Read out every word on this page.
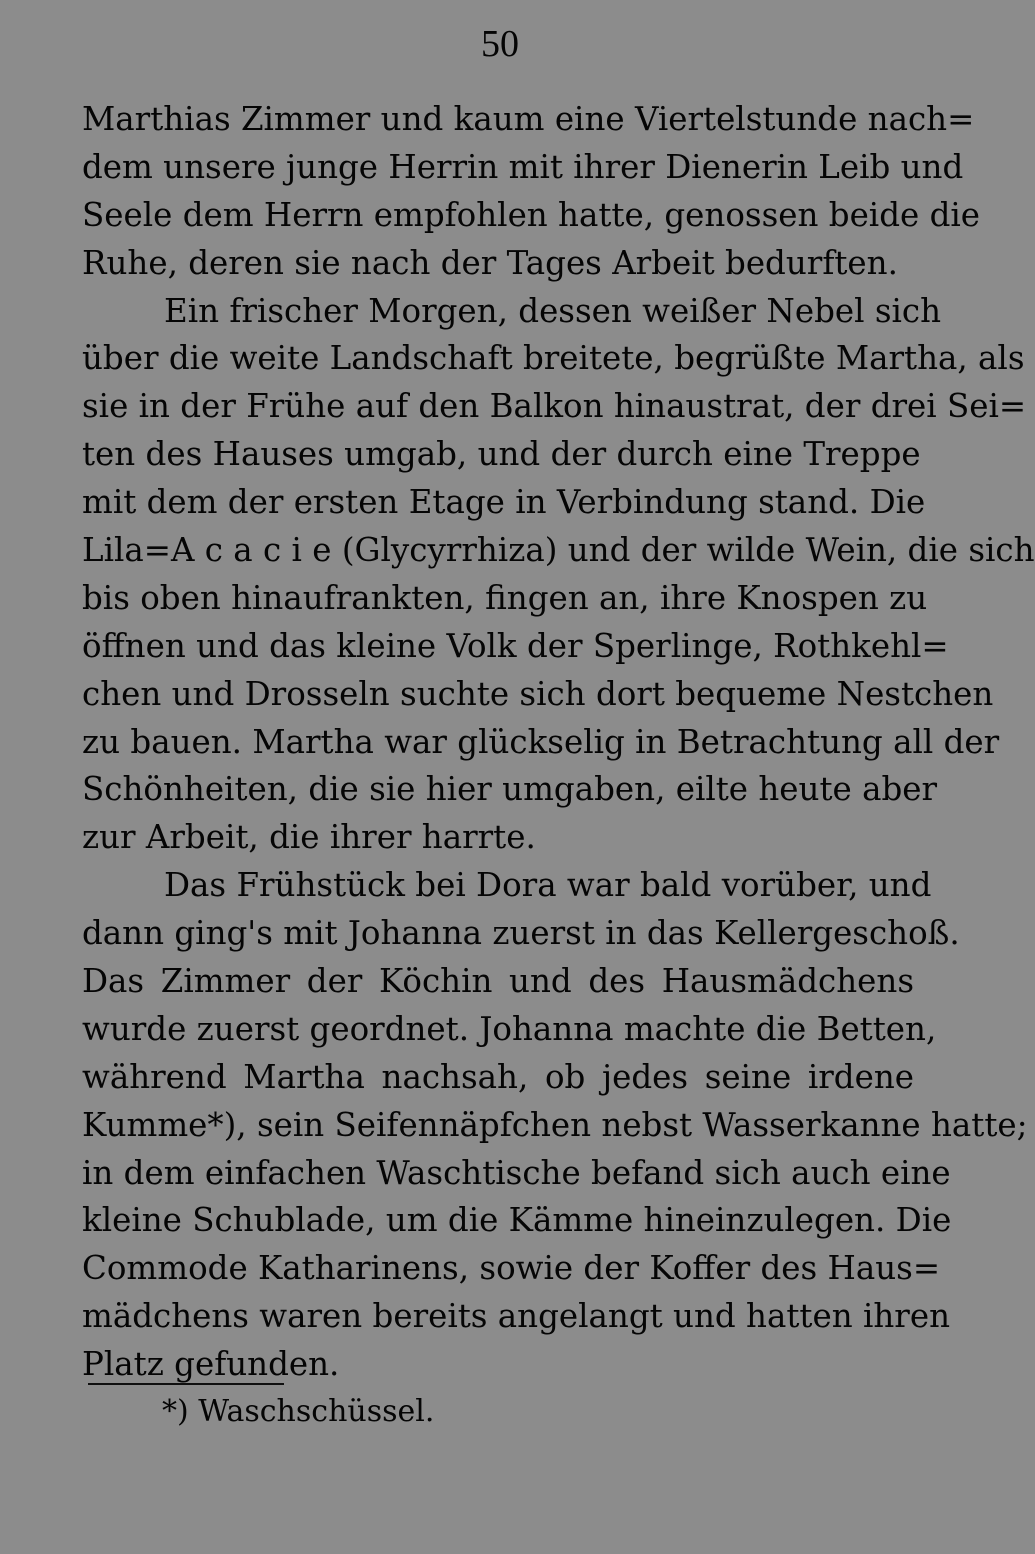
50
Marthias Zimmer und kaum eine Viertelstunde nach=
dem unsere junge Herrin mit ihrer Dienerin Leib und
Seele dem Herrn empfohlen hatte, genossen beide die
Ruhe, deren sie nach der Tages Arbeit bedurften.
Ein frischer Morgen, dessen weißer Nebel sich
über die weite Landschaft breitete, begrüßte Martha, als
sie in der Frühe auf den Balkon hinaustrat, der drei Sei=
ten des Hauses umgab, und der durch eine Treppe
mit dem der ersten Etage in Verbindung stand. Die
Lila=A c a c i e (Glycyrrhiza) und der wilde Wein, die sich
bis oben hinaufrankten, fingen an, ihre Knospen zu
öffnen und das kleine Volk der Sperlinge, Rothkehl=
chen und Drosseln suchte sich dort bequeme Nestchen
zu bauen. Martha war glückselig in Betrachtung all der
Schönheiten, die sie hier umgaben, eilte heute aber
zur Arbeit, die ihrer harrte.
Das Frühstück bei Dora war bald vorüber, und
dann ging's mit Johanna zuerst in das Kellergeschoß.
Das Zimmer der Köchin und des Hausmädchens
wurde zuerst geordnet. Johanna machte die Betten,
während Martha nachsah, ob jedes seine irdene
Kumme*), sein Seifennäpfchen nebst Wasserkanne hatte;
in dem einfachen Waschtische befand sich auch eine
kleine Schublade, um die Kämme hineinzulegen. Die
Commode Katharinens, sowie der Koffer des Haus=
mädchens waren bereits angelangt und hatten ihren
Platz gefunden.
*) Waschschüssel.
